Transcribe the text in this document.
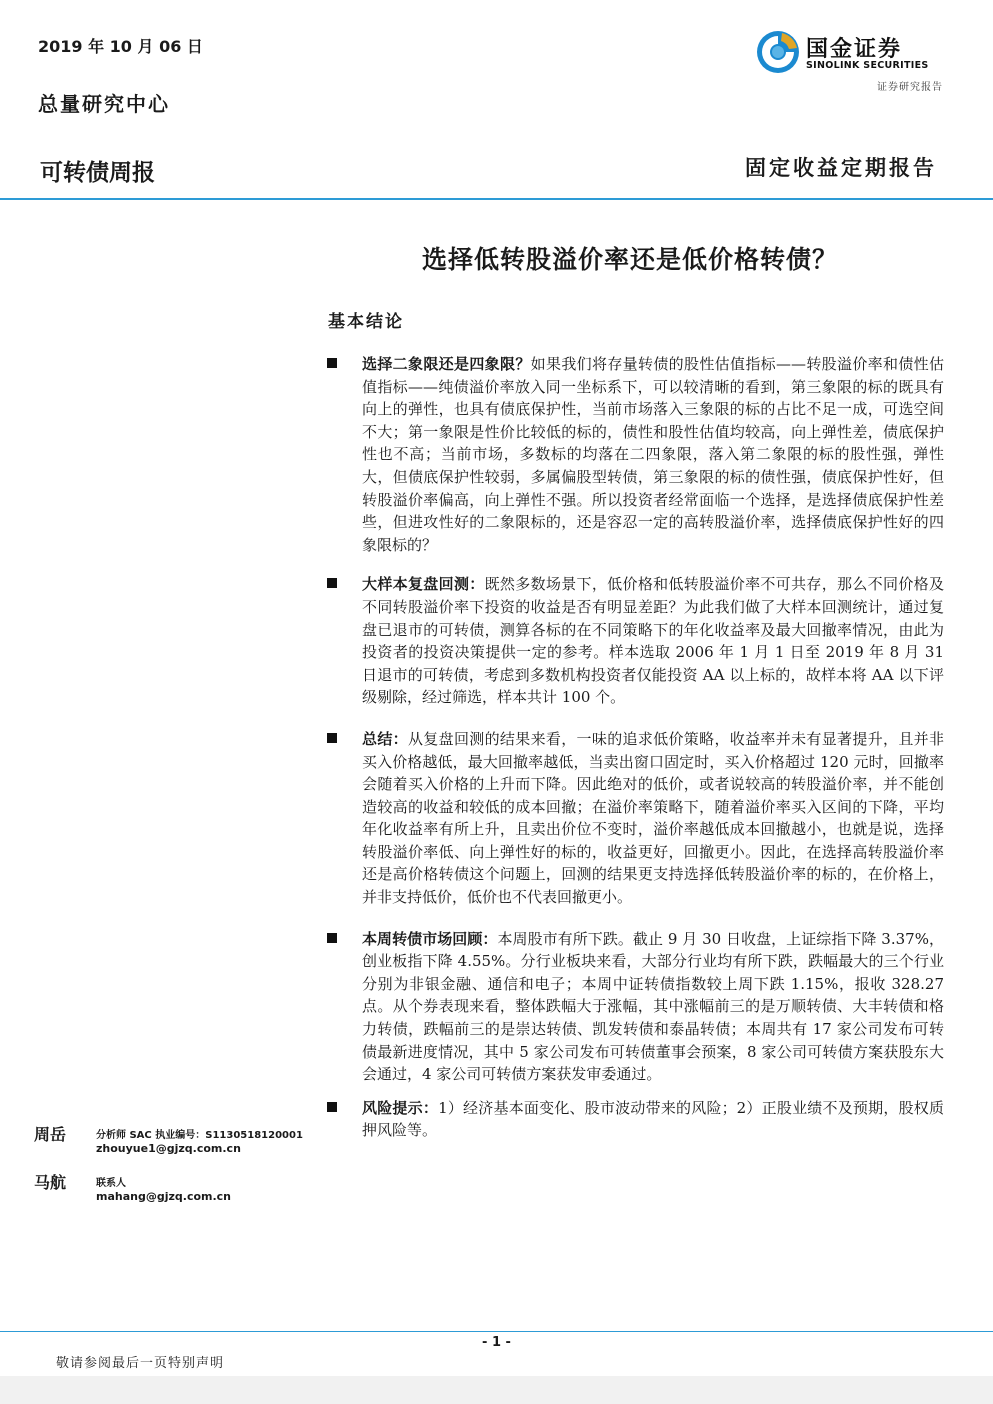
2019 年 10 月 06 日
总量研究中心
可转债周报	固定收益定期报告
国金证券
SINOLINK SECURITIES
证券研究报告
选择低转股溢价率还是低价格转债？
基本结论
选择二象限还是四象限？如果我们将存量转债的股性估值指标——转股溢价率和债性估值指标——纯债溢价率放入同一坐标系下，可以较清晰的看到，第三象限的标的既具有向上的弹性，也具有债底保护性，当前市场落入三象限的标的占比不足一成，可选空间不大；第一象限是性价比较低的标的，债性和股性估值均较高，向上弹性差，债底保护性也不高；当前市场，多数标的均落在二四象限，落入第二象限的标的股性强，弹性大，但债底保护性较弱，多属偏股型转债，第三象限的标的债性强，债底保护性好，但转股溢价率偏高，向上弹性不强。所以投资者经常面临一个选择，是选择债底保护性差些，但进攻性好的二象限标的，还是容忍一定的高转股溢价率，选择债底保护性好的四象限标的？
大样本复盘回测：既然多数场景下，低价格和低转股溢价率不可共存，那么不同价格及不同转股溢价率下投资的收益是否有明显差距？为此我们做了大样本回测统计，通过复盘已退市的可转债，测算各标的在不同策略下的年化收益率及最大回撤率情况，由此为投资者的投资决策提供一定的参考。样本选取 2006 年 1 月 1 日至 2019 年 8 月 31 日退市的可转债，考虑到多数机构投资者仅能投资 AA 以上标的，故样本将 AA 以下评级剔除，经过筛选，样本共计 100 个。
总结：从复盘回测的结果来看，一味的追求低价策略，收益率并未有显著提升，且并非买入价格越低，最大回撤率越低，当卖出窗口固定时，买入价格超过 120 元时，回撤率会随着买入价格的上升而下降。因此绝对的低价，或者说较高的转股溢价率，并不能创造较高的收益和较低的成本回撤；在溢价率策略下，随着溢价率买入区间的下降，平均年化收益率有所上升，且卖出价位不变时，溢价率越低成本回撤越小，也就是说，选择转股溢价率低、向上弹性好的标的，收益更好，回撤更小。因此，在选择高转股溢价率还是高价格转债这个问题上，回测的结果更支持选择低转股溢价率的标的，在价格上，并非支持低价，低价也不代表回撤更小。
本周转债市场回顾：本周股市有所下跌。截止 9 月 30 日收盘，上证综指下降 3.37%，创业板指下降 4.55%。分行业板块来看，大部分行业均有所下跌，跌幅最大的三个行业分别为非银金融、通信和电子；本周中证转债指数较上周下跌 1.15%，报收 328.27 点。从个券表现来看，整体跌幅大于涨幅，其中涨幅前三的是万顺转债、大丰转债和格力转债，跌幅前三的是崇达转债、凯发转债和泰晶转债；本周共有 17 家公司发布可转债最新进度情况，其中 5 家公司发布可转债董事会预案，8 家公司可转债方案获股东大会通过，4 家公司可转债方案获发审委通过。
风险提示：1）经济基本面变化、股市波动带来的风险；2）正股业绩不及预期，股权质押风险等。
周岳	分析师 SAC 执业编号：S1130518120001
zhouyue1@gjzq.com.cn
马航	联系人
mahang@gjzq.com.cn
- 1 -
敬请参阅最后一页特别声明
